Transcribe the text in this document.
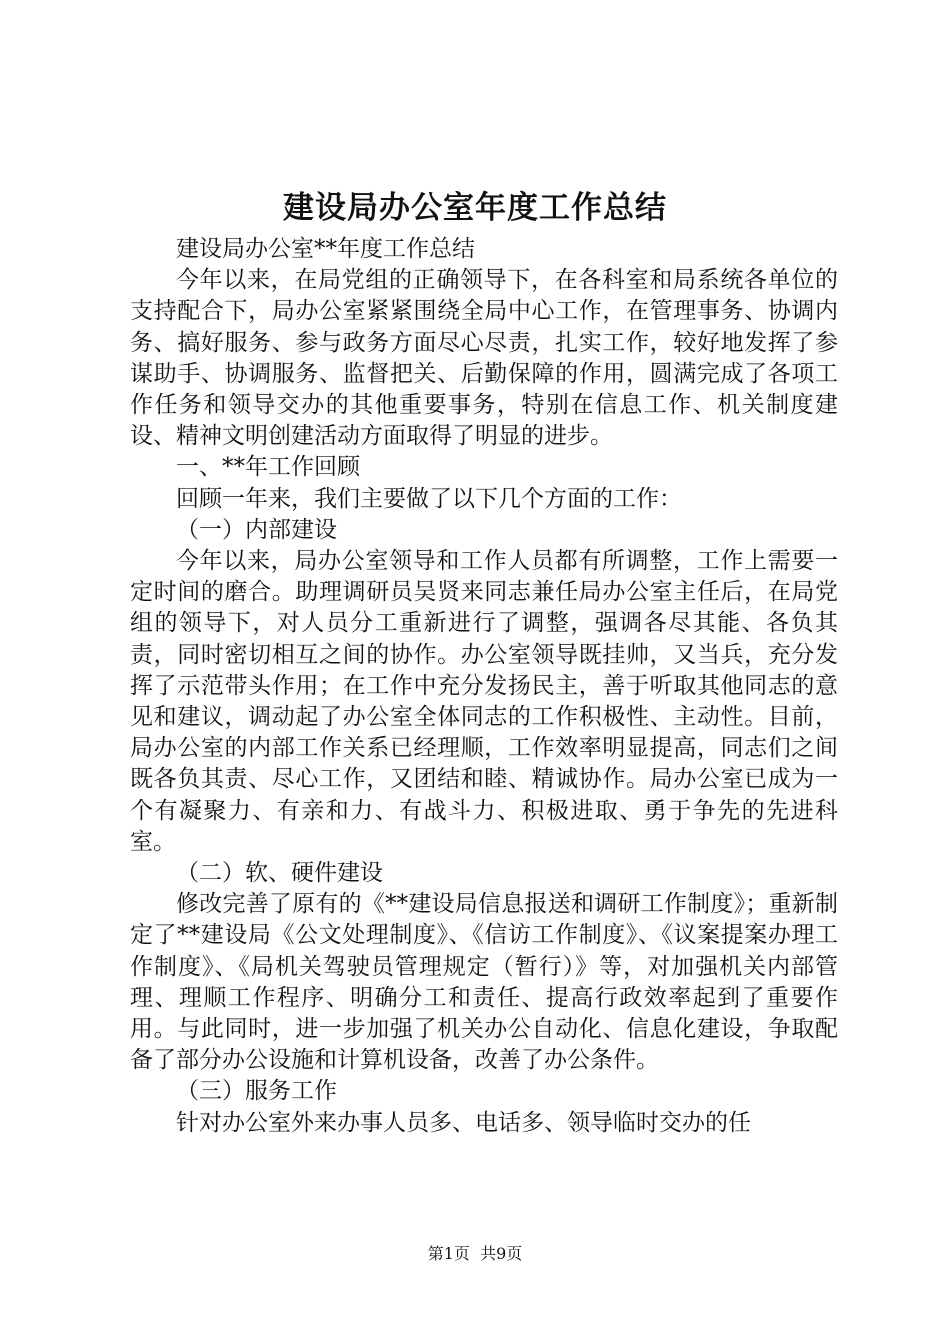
建设局办公室年度工作总结

建设局办公室**年度工作总结

今年以来，在局党组的正确领导下，在各科室和局系统各单位的支持配合下，局办公室紧紧围绕全局中心工作，在管理事务、协调内务、搞好服务、参与政务方面尽心尽责，扎实工作，较好地发挥了参谋助手、协调服务、监督把关、后勤保障的作用，圆满完成了各项工作任务和领导交办的其他重要事务，特别在信息工作、机关制度建设、精神文明创建活动方面取得了明显的进步。

一、**年工作回顾

回顾一年来，我们主要做了以下几个方面的工作：

（一）内部建设

今年以来，局办公室领导和工作人员都有所调整，工作上需要一定时间的磨合。助理调研员吴贤来同志兼任局办公室主任后，在局党组的领导下，对人员分工重新进行了调整，强调各尽其能、各负其责，同时密切相互之间的协作。办公室领导既挂帅，又当兵，充分发挥了示范带头作用；在工作中充分发扬民主，善于听取其他同志的意见和建议，调动起了办公室全体同志的工作积极性、主动性。目前，局办公室的内部工作关系已经理顺，工作效率明显提高，同志们之间既各负其责、尽心工作，又团结和睦、精诚协作。局办公室已成为一个有凝聚力、有亲和力、有战斗力、积极进取、勇于争先的先进科室。

（二）软、硬件建设

修改完善了原有的《**建设局信息报送和调研工作制度》；重新制定了**建设局《公文处理制度》、《信访工作制度》、《议案提案办理工作制度》、《局机关驾驶员管理规定（暂行）》等，对加强机关内部管理、理顺工作程序、明确分工和责任、提高行政效率起到了重要作用。与此同时，进一步加强了机关办公自动化、信息化建设，争取配备了部分办公设施和计算机设备，改善了办公条件。

（三）服务工作

针对办公室外来办事人员多、电话多、领导临时交办的任

第1页 共9页
